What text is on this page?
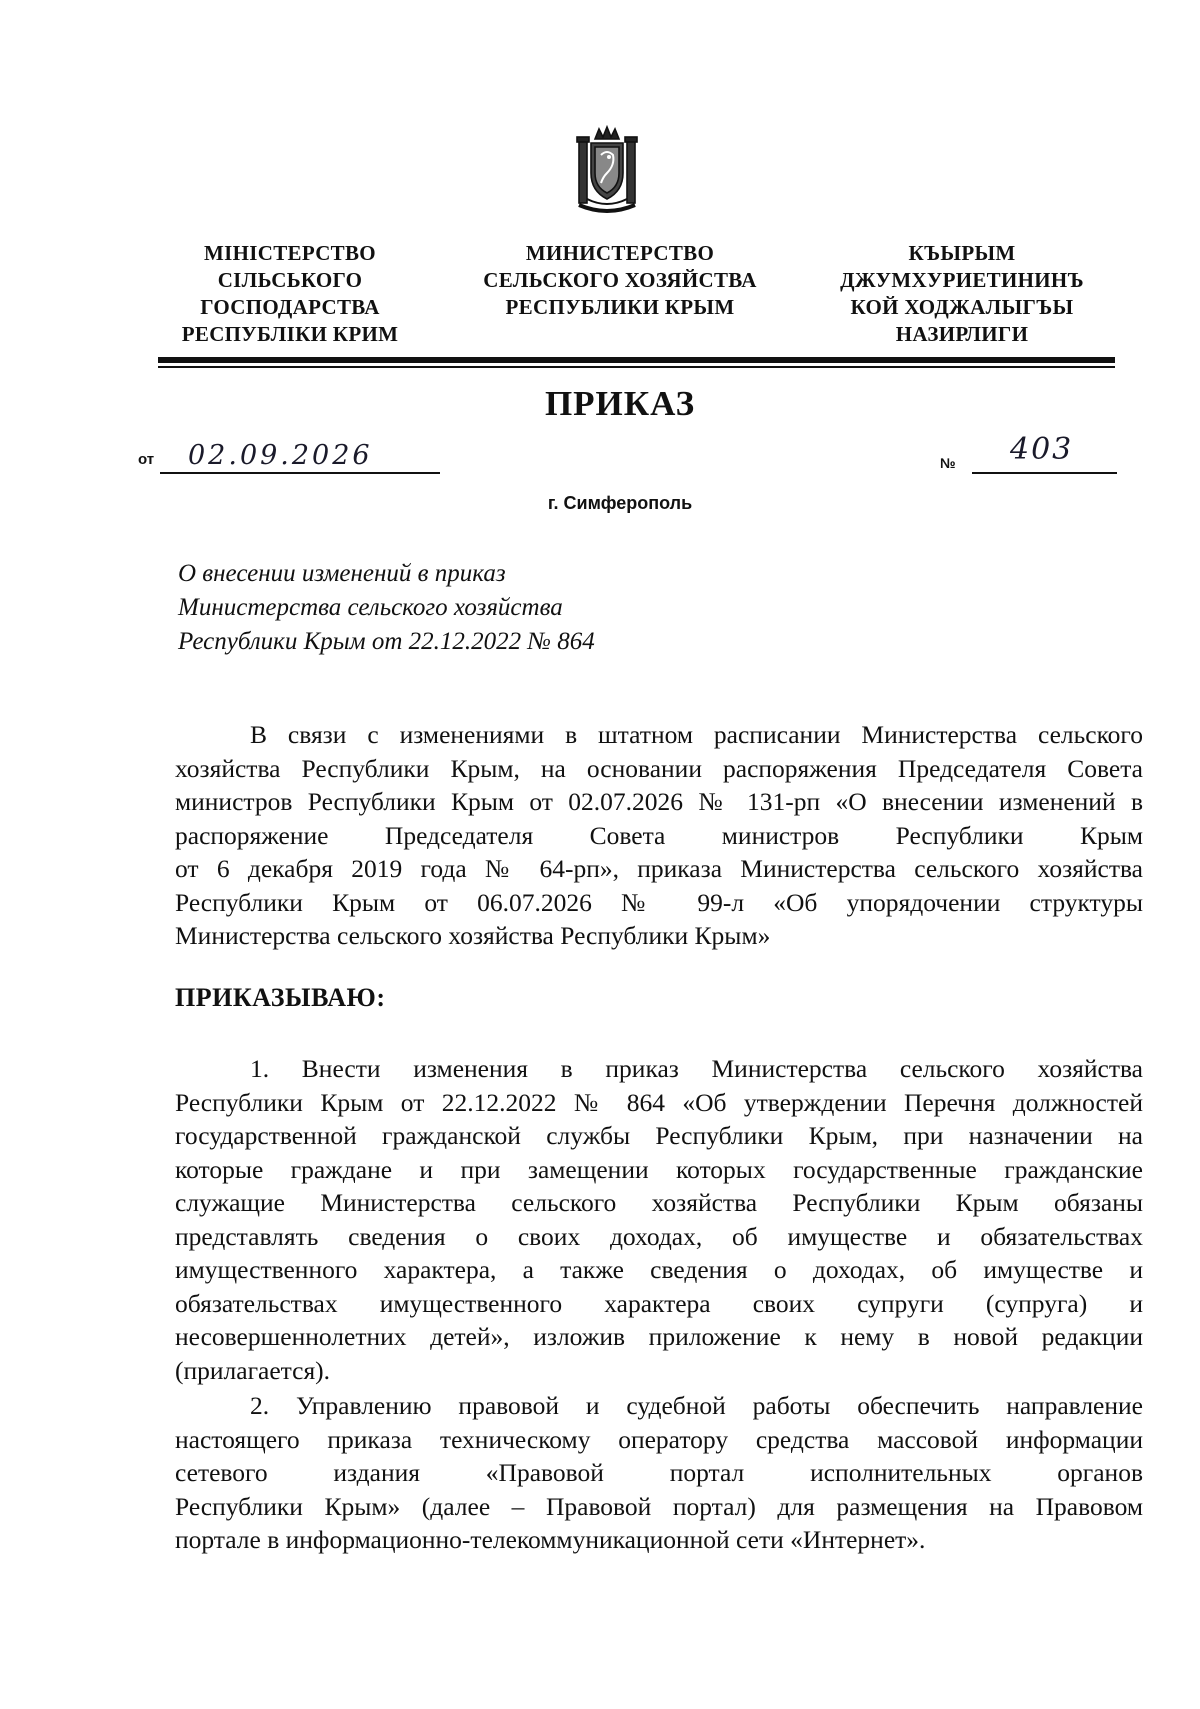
МІНІСТЕРСТВО
СІЛЬСЬКОГО
ГОСПОДАРСТВА
РЕСПУБЛІКИ КРИМ
МИНИСТЕРСТВО
СЕЛЬСКОГО ХОЗЯЙСТВА
РЕСПУБЛИКИ КРЫМ
КЪЫРЫМ
ДЖУМХУРИЕТИНИНЪ
КОЙ ХОДЖАЛЫГЪЫ
НАЗИРЛИГИ
ПРИКАЗ
от 02.09.2026	№ 403
г. Симферополь
О внесении изменений в приказ
Министерства сельского хозяйства
Республики Крым от 22.12.2022 № 864
В связи с изменениями в штатном расписании Министерства сельского
хозяйства Республики Крым, на основании распоряжения Председателя Совета
министров Республики Крым от 02.07.2026 № 131-рп «О внесении изменений в
распоряжение Председателя Совета министров Республики Крым
от 6 декабря 2019 года № 64-рп», приказа Министерства сельского хозяйства
Республики Крым от 06.07.2026 № 99-л «Об упорядочении структуры
Министерства сельского хозяйства Республики Крым»
ПРИКАЗЫВАЮ:
1. Внести изменения в приказ Министерства сельского хозяйства
Республики Крым от 22.12.2022 № 864 «Об утверждении Перечня должностей
государственной гражданской службы Республики Крым, при назначении на
которые граждане и при замещении которых государственные гражданские
служащие Министерства сельского хозяйства Республики Крым обязаны
представлять сведения о своих доходах, об имуществе и обязательствах
имущественного характера, а также сведения о доходах, об имуществе и
обязательствах имущественного характера своих супруги (супруга) и
несовершеннолетних детей», изложив приложение к нему в новой редакции
(прилагается).
2. Управлению правовой и судебной работы обеспечить направление
настоящего приказа техническому оператору средства массовой информации
сетевого издания «Правовой портал исполнительных органов
Республики Крым» (далее – Правовой портал) для размещения на Правовом
портале в информационно-телекоммуникационной сети «Интернет».
